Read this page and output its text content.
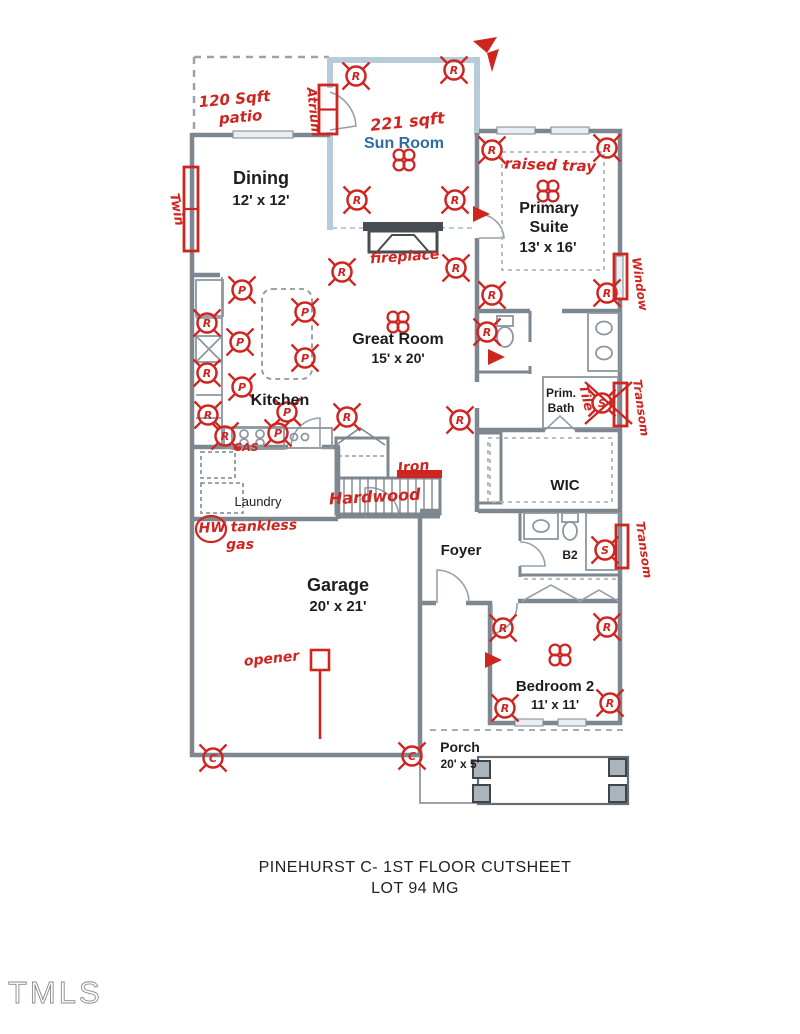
R	R
R	R
R	R
R	R
R	R
R	R
R
P
P
R
P
P
R
P
R	P
R	P
R	R
R	R
C	C
S
S
Dining
12' x 12'
Sun Room
Primary
Suite
13' x 16'
Great Room
15' x 20'
Kitchen
Laundry
Prim.
Bath
WIC
Foyer	B2
Garage
20' x 21'
Bedroom 2
11' x 11'
Porch
20' x 5'
120 Sqft
patio	Atrium	221 sqft
fireplace
raised tray
Twin
Window
Tile	Transom
Transom
Iron
Hardwood
HW tankless
gas
GAS
opener
PINEHURST C- 1ST FLOOR CUTSHEET
LOT 94 MG
TMLS
